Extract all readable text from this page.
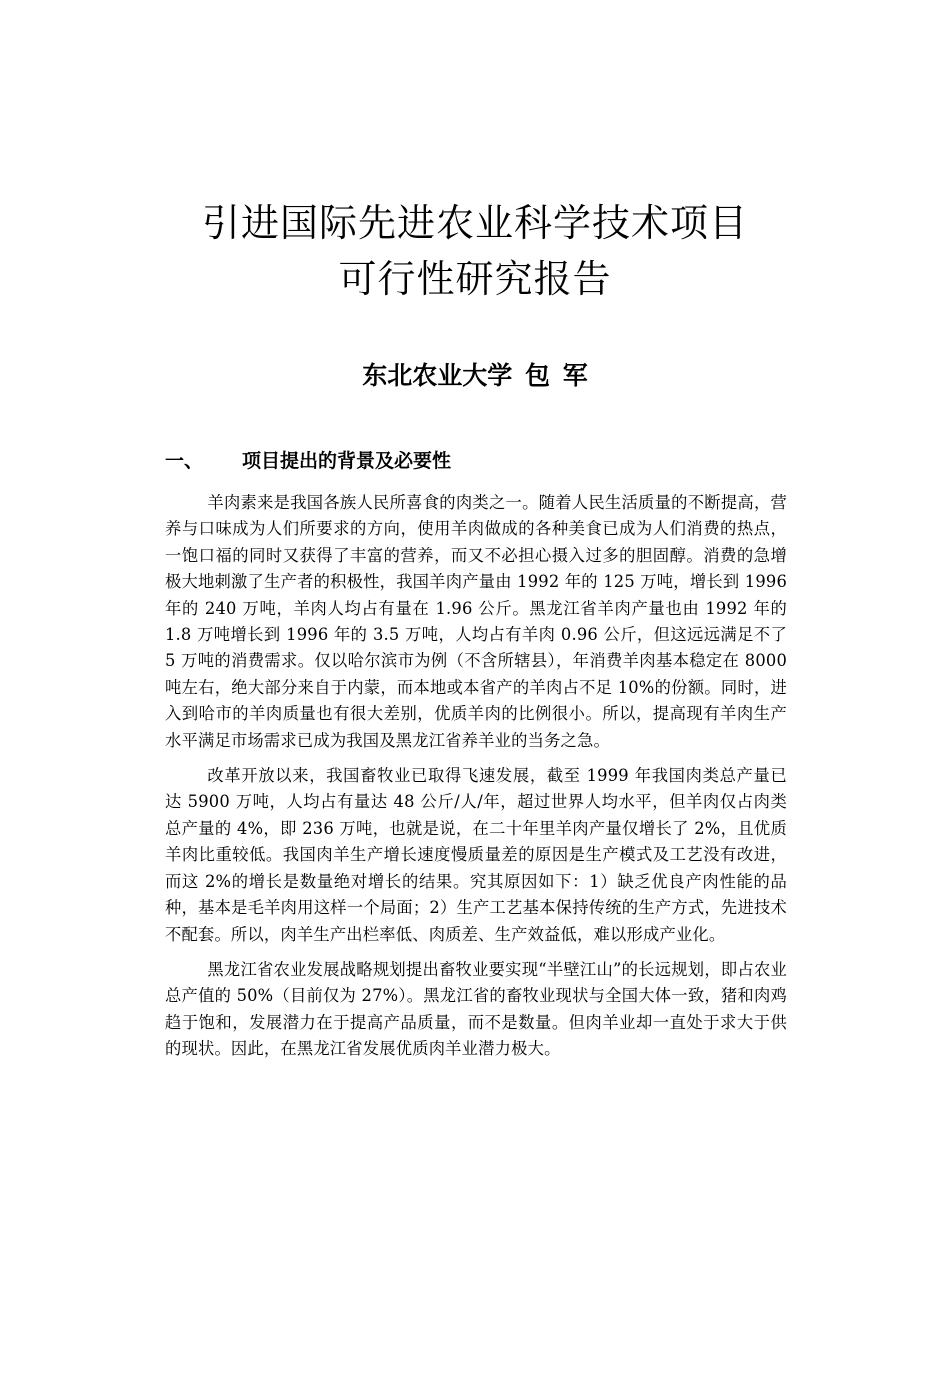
引进国际先进农业科学技术项目
可行性研究报告
东北农业大学 包 军
一、 项目提出的背景及必要性

羊肉素来是我国各族人民所喜食的肉类之一。随着人民生活质量的不断提高，营养与口味成为人们所要求的方向，使用羊肉做成的各种美食已成为人们消费的热点，一饱口福的同时又获得了丰富的营养，而又不必担心摄入过多的胆固醇。消费的急增极大地刺激了生产者的积极性，我国羊肉产量由 1992 年的 125 万吨，增长到 1996 年的 240 万吨，羊肉人均占有量在 1.96 公斤。黑龙江省羊肉产量也由 1992 年的 1.8 万吨增长到 1996 年的 3.5 万吨，人均占有羊肉 0.96 公斤，但这远远满足不了 5 万吨的消费需求。仅以哈尔滨市为例（不含所辖县），年消费羊肉基本稳定在 8000 吨左右，绝大部分来自于内蒙，而本地或本省产的羊肉占不足 10%的份额。同时，进入到哈市的羊肉质量也有很大差别，优质羊肉的比例很小。所以，提高现有羊肉生产水平满足市场需求已成为我国及黑龙江省养羊业的当务之急。

改革开放以来，我国畜牧业已取得飞速发展，截至 1999 年我国肉类总产量已达 5900 万吨，人均占有量达 48 公斤/人/年，超过世界人均水平，但羊肉仅占肉类总产量的 4%，即 236 万吨，也就是说，在二十年里羊肉产量仅增长了 2%，且优质羊肉比重较低。我国肉羊生产增长速度慢质量差的原因是生产模式及工艺没有改进，而这 2%的增长是数量绝对增长的结果。究其原因如下：1）缺乏优良产肉性能的品种，基本是毛羊肉用这样一个局面；2）生产工艺基本保持传统的生产方式，先进技术不配套。所以，肉羊生产出栏率低、肉质差、生产效益低，难以形成产业化。

黑龙江省农业发展战略规划提出畜牧业要实现“半壁江山”的长远规划，即占农业总产值的 50%（目前仅为 27%）。黑龙江省的畜牧业现状与全国大体一致，猪和肉鸡趋于饱和，发展潜力在于提高产品质量，而不是数量。但肉羊业却一直处于求大于供的现状。因此，在黑龙江省发展优质肉羊业潜力极大。
